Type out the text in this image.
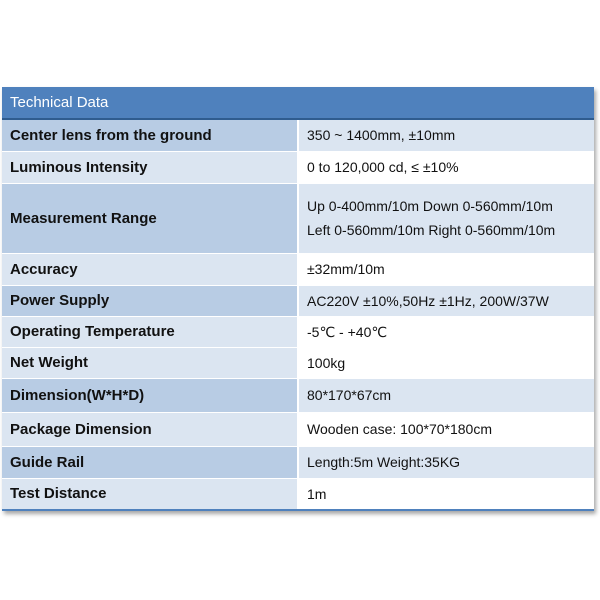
Technical Data	
Center lens from the ground	350 ~ 1400mm, ±10mm

Luminous Intensity	0 to 120,000 cd, ≤ ±10%

Measurement Range	Up 0-400mm/10m Down 0-560mm/10m
Left 0-560mm/10m Right 0-560mm/10m

Accuracy	±32mm/10m

Power Supply	AC220V ±10%,50Hz ±1Hz, 200W/37W

Operating Temperature	-5℃ - +40℃

Net Weight	100kg

Dimension(W*H*D)	80*170*67cm

Package Dimension	Wooden case: 100*70*180cm

Guide Rail	Length:5m Weight:35KG

Test Distance	1m
